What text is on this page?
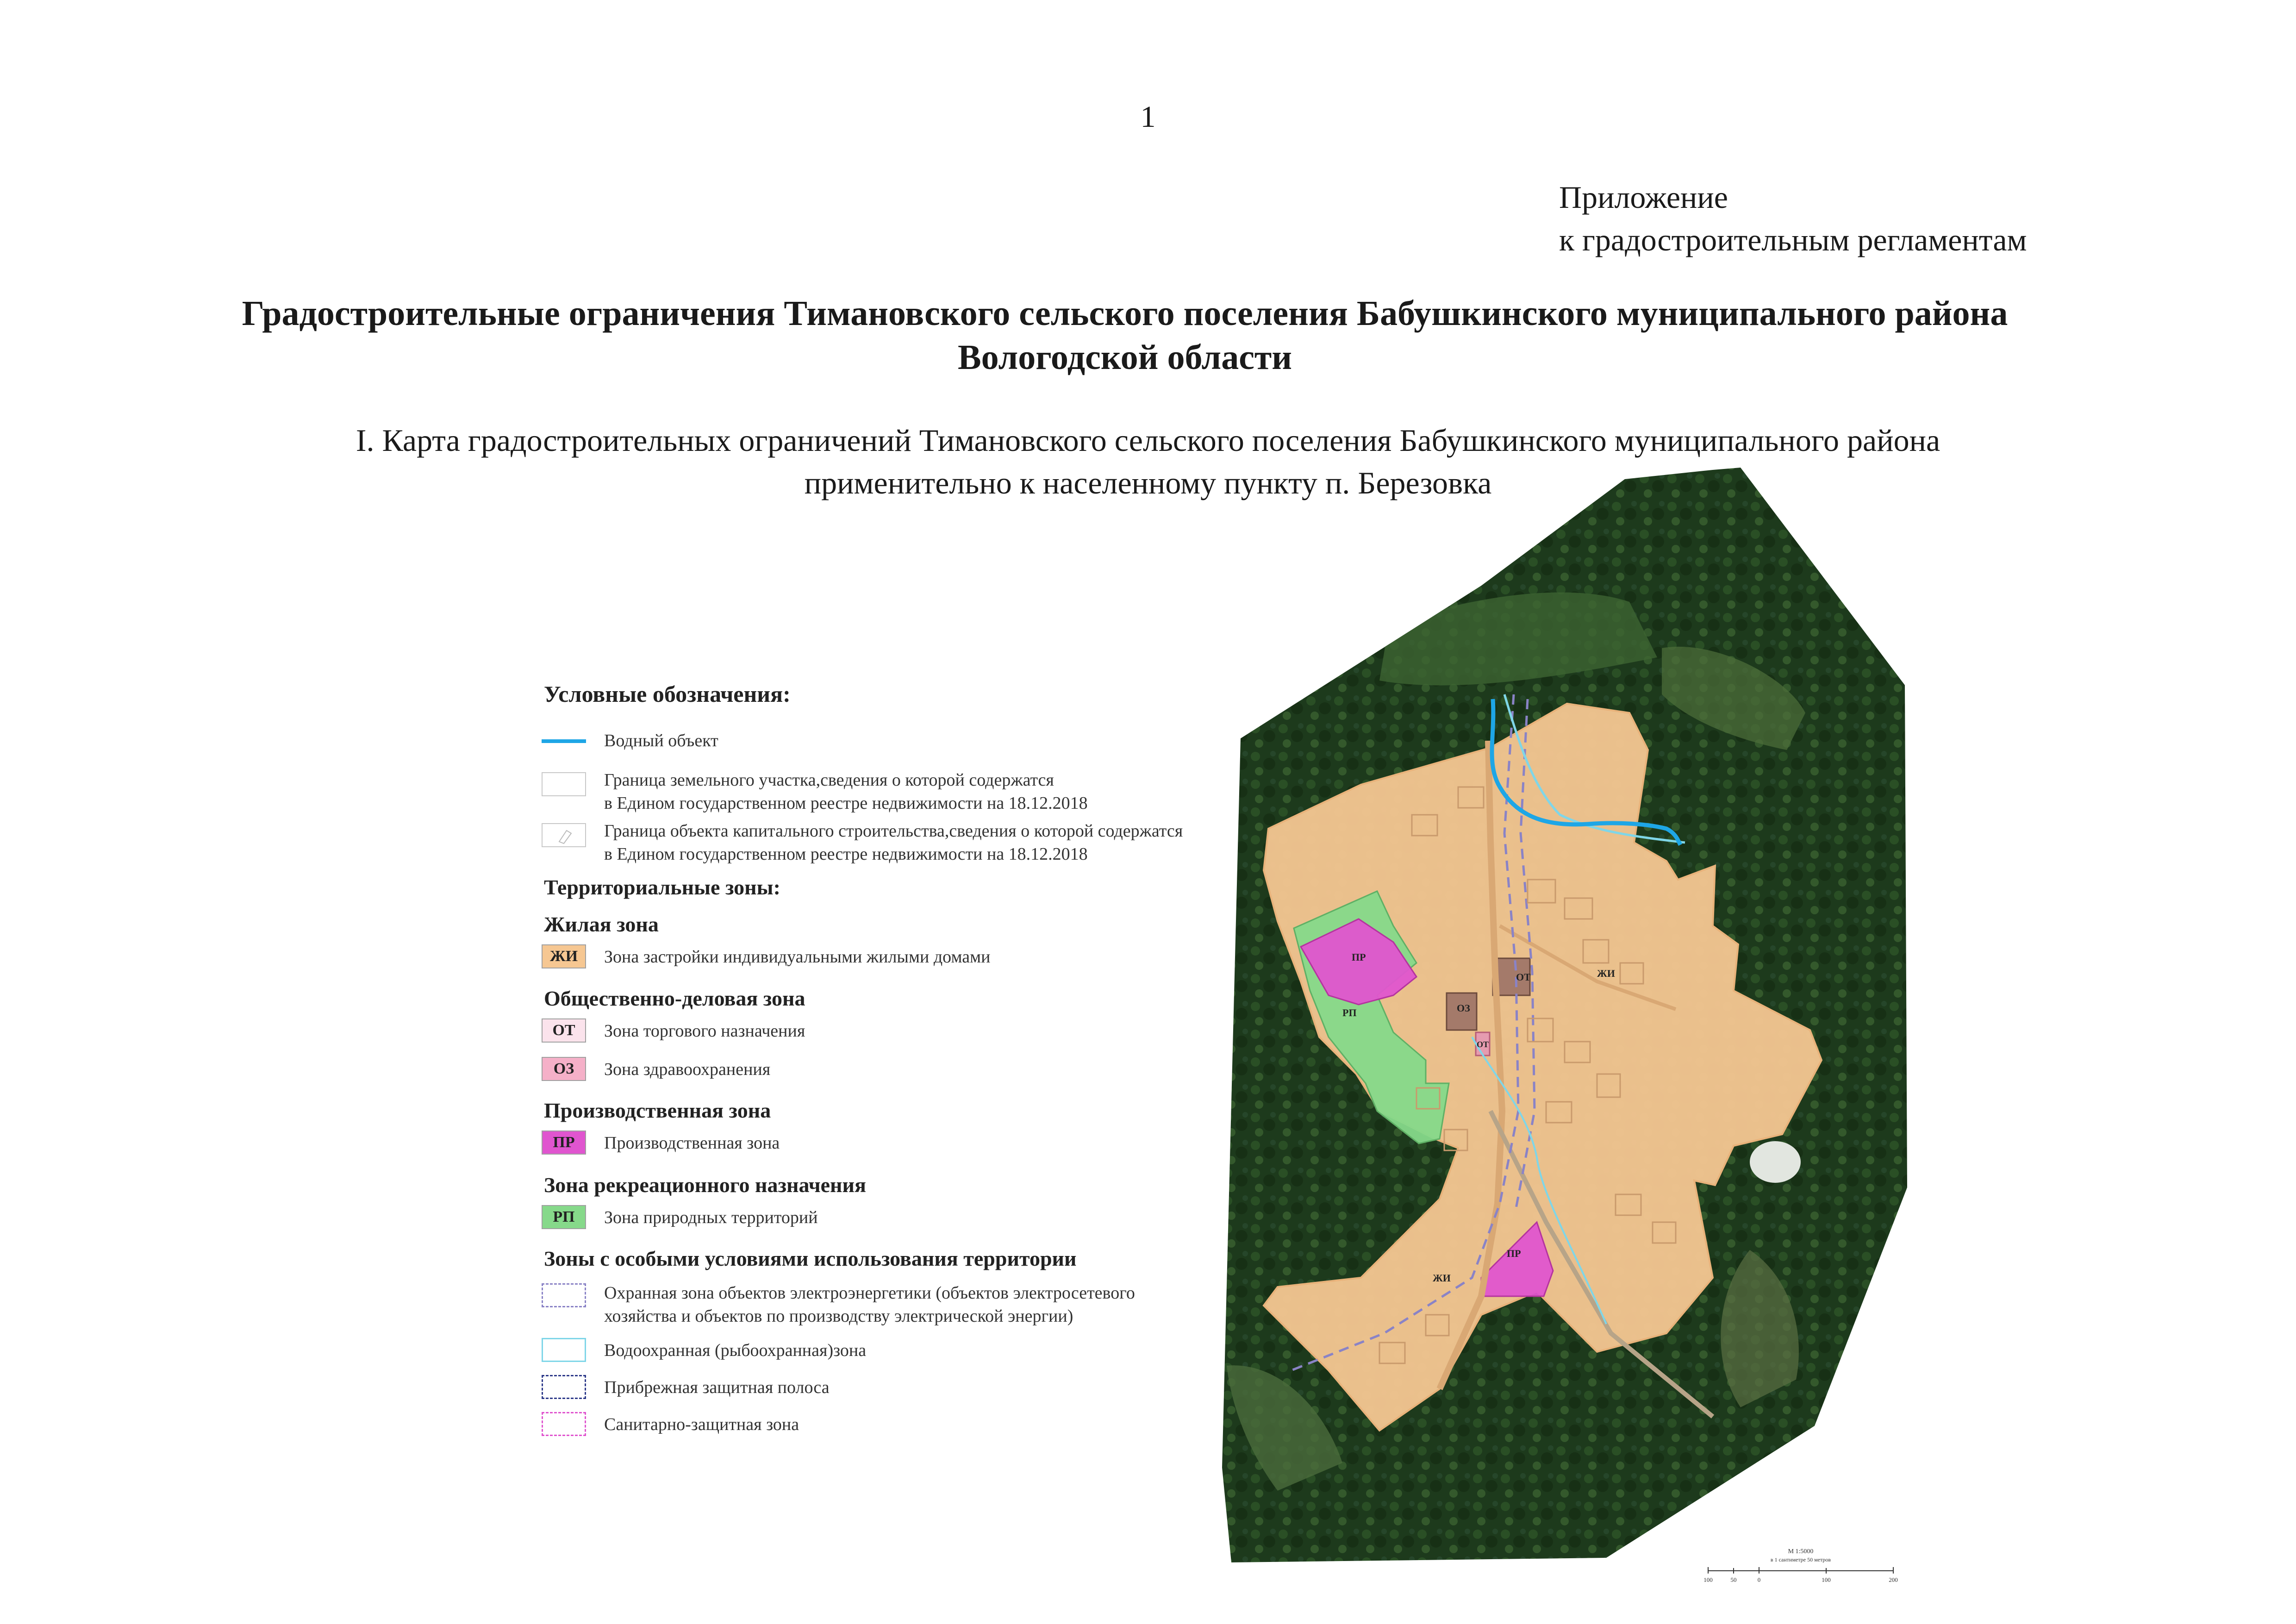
1
Приложение
к градостроительным регламентам
Градостроительные ограничения Тимановского сельского поселения Бабушкинского муниципального района
Вологодской области
I. Карта градостроительных ограничений Тимановского сельского поселения Бабушкинского муниципального района
применительно к населенному пункту п. Березовка
ПР
РП
ОТ
ОЗ
ОТ
ЖИ
ПР
ЖИ
Условные обозначения:
Водный объект
Граница земельного участка,сведения о которой содержатся
в Едином государственном реестре недвижимости на 18.12.2018
Граница объекта капитального строительства,сведения о которой содержатся
в Едином государственном реестре недвижимости на 18.12.2018
Территориальные зоны:
Жилая зона
ЖИ	Зона застройки индивидуальными жилыми домами
Общественно-деловая зона
ОТ	Зона торгового назначения
ОЗ	Зона здравоохранения
Производственная зона
ПР	Производственная зона
Зона рекреационного назначения
РП	Зона природных территорий
Зоны с особыми условиями использования территории
Охранная зона объектов электроэнергетики (объектов электросетевого
хозяйства и объектов по производству электрической энергии)
Водоохранная (рыбоохранная)зона
Прибрежная защитная полоса
Санитарно-защитная зона
М 1:5000
в 1 сантиметре 50 метров
100	50	0	100	200
